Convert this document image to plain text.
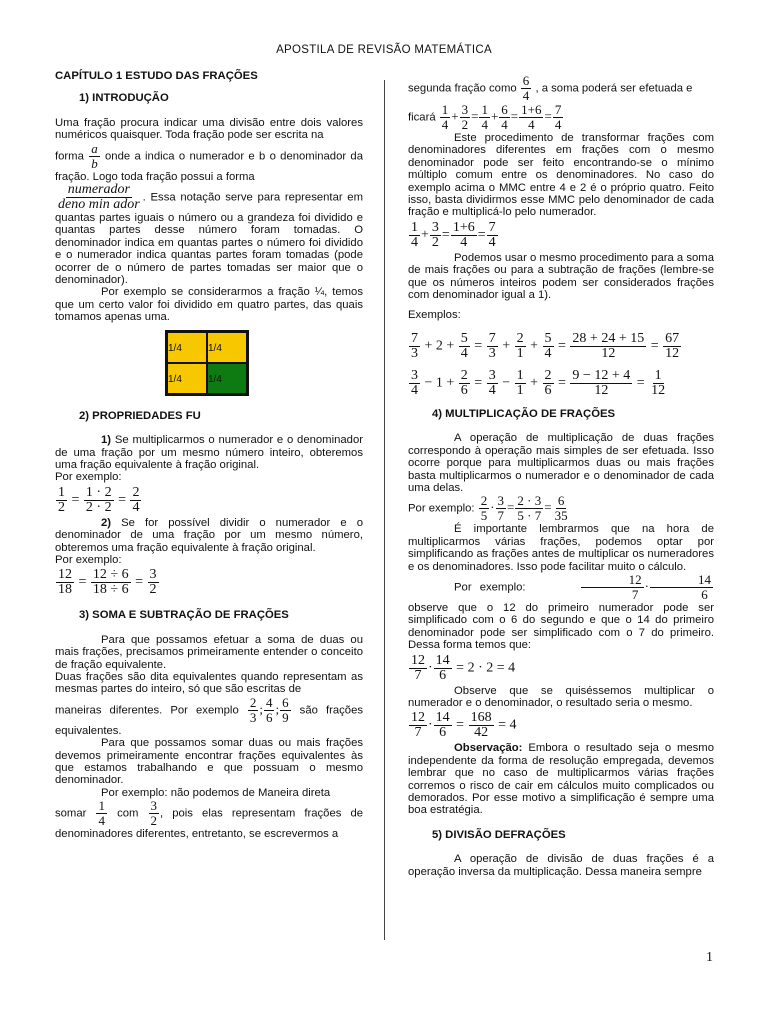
APOSTILA DE REVISÃO MATEMÁTICA
CAPÍTULO 1 ESTUDO DAS FRAÇÕES
1) INTRODUÇÃO

Uma fração procura indicar uma divisão entre dois valores numéricos quaisquer. Toda fração pode ser escrita na

forma $\frac{a}{b}$ onde a indica o numerador e b o denominador da fração. Logo toda fração possui a forma

$\frac{\text{numerador}}{\text{deno min ador}}$ . Essa notação serve para representar em quantas partes iguais o número ou a grandeza foi dividido e quantas partes desse número foram tomadas. O denominador indica em quantas partes o número foi dividido e o numerador indica quantas partes foram tomadas (pode ocorrer de o número de partes tomadas ser maior que o denominador).

Por exemplo se considerarmos a fração ¼, temos que um certo valor foi dividido em quatro partes, das quais tomamos apenas uma.

1/4	1/4
1/4	1/4
2) PROPRIEDADES FU

1) Se multiplicarmos o numerador e o denominador de uma fração por um mesmo número inteiro, obteremos uma fração equivalente à fração original.

Por exemplo:

$\frac{1}{2} = \frac{1 \cdot 2}{2 \cdot 2} = \frac{2}{4}$

2) Se for possível dividir o numerador e o denominador de uma fração por um mesmo número, obteremos uma fração equivalente à fração original.

Por exemplo:

$\frac{12}{18} = \frac{12 \div 6}{18 \div 6} = \frac{3}{2}$
3) SOMA E SUBTRAÇÃO DE FRAÇÕES

Para que possamos efetuar a soma de duas ou mais frações, precisamos primeiramente entender o conceito de fração equivalente.

Duas frações são dita equivalentes quando representam as mesmas partes do inteiro, só que são escritas de

maneiras diferentes. Por exemplo $\frac{2}{3}$ ; $\frac{4}{6}$ ; $\frac{6}{9}$ são frações equivalentes.

Para que possamos somar duas ou mais frações devemos primeiramente encontrar frações equivalentes às que estamos trabalhando e que possuam o mesmo denominador.

Por exemplo: não podemos de Maneira direta

somar $\frac{1}{4}$ com $\frac{3}{2}$ , pois elas representam frações de denominadores diferentes, entretanto, se escrevermos a

segunda fração como $\frac{6}{4}$ , a soma poderá ser efetuada e

ficará $\frac{1}{4} + \frac{3}{2} = \frac{1}{4} + \frac{6}{4} = \frac{1+6}{4} = \frac{7}{4}$

Este procedimento de transformar frações com denominadores diferentes em frações com o mesmo denominador pode ser feito encontrando-se o mínimo múltiplo comum entre os denominadores. No caso do exemplo acima o MMC entre 4 e 2 é o próprio quatro. Feito isso, basta dividirmos esse MMC pelo denominador de cada fração e multiplicá-lo pelo numerador.

$\frac{1}{4} + \frac{3}{2} = \frac{1+6}{4} = \frac{7}{4}$

Podemos usar o mesmo procedimento para a soma de mais frações ou para a subtração de frações (lembre-se que os números inteiros podem ser considerados frações com denominador igual a 1).

Exemplos:

$\frac{7}{3} + 2 + \frac{5}{4} = \frac{7}{3} + \frac{2}{1} + \frac{5}{4} = \frac{28 + 24 + 15}{12} = \frac{67}{12}$
$\frac{3}{4} - 1 + \frac{2}{6} = \frac{3}{4} - \frac{1}{1} + \frac{2}{6} = \frac{9 - 12 + 4}{12} = \frac{1}{12}$
4) MULTIPLICAÇÃO DE FRAÇÕES

A operação de multiplicação de duas frações correspondo à operação mais simples de ser efetuada. Isso ocorre porque para multiplicarmos duas ou mais frações basta multiplicarmos o numerador e o denominador de cada uma delas.

Por exemplo: $\frac{2}{5} \cdot \frac{3}{7} = \frac{2 \cdot 3}{5 \cdot 7} = \frac{6}{35}$

É importante lembrarmos que na hora de multiplicarmos várias frações, podemos optar por simplificando as frações antes de multiplicar os numeradores e os denominadores. Isso pode facilitar muito o cálculo.

Por exemplo:	$\frac{12}{7} \cdot \frac{14}{6}$
observe que o 12 do primeiro numerador pode ser simplificado com o 6 do segundo e que o 14 do primeiro denominador pode ser simplificado com o 7 do primeiro. Dessa forma temos que:

$\frac{12}{7} \cdot \frac{14}{6} = 2 \cdot 2 = 4$

Observe que se quiséssemos multiplicar o numerador e o denominador, o resultado seria o mesmo.

$\frac{12}{7} \cdot \frac{14}{6} = \frac{168}{42} = 4$

Observação: Embora o resultado seja o mesmo independente da forma de resolução empregada, devemos lembrar que no caso de multiplicarmos várias frações corremos o risco de cair em cálculos muito complicados ou demorados. Por esse motivo a simplificação é sempre uma boa estratégia.

5) DIVISÃO DEFRAÇÕES

A operação de divisão de duas frações é a operação inversa da multiplicação. Dessa maneira sempre

1
